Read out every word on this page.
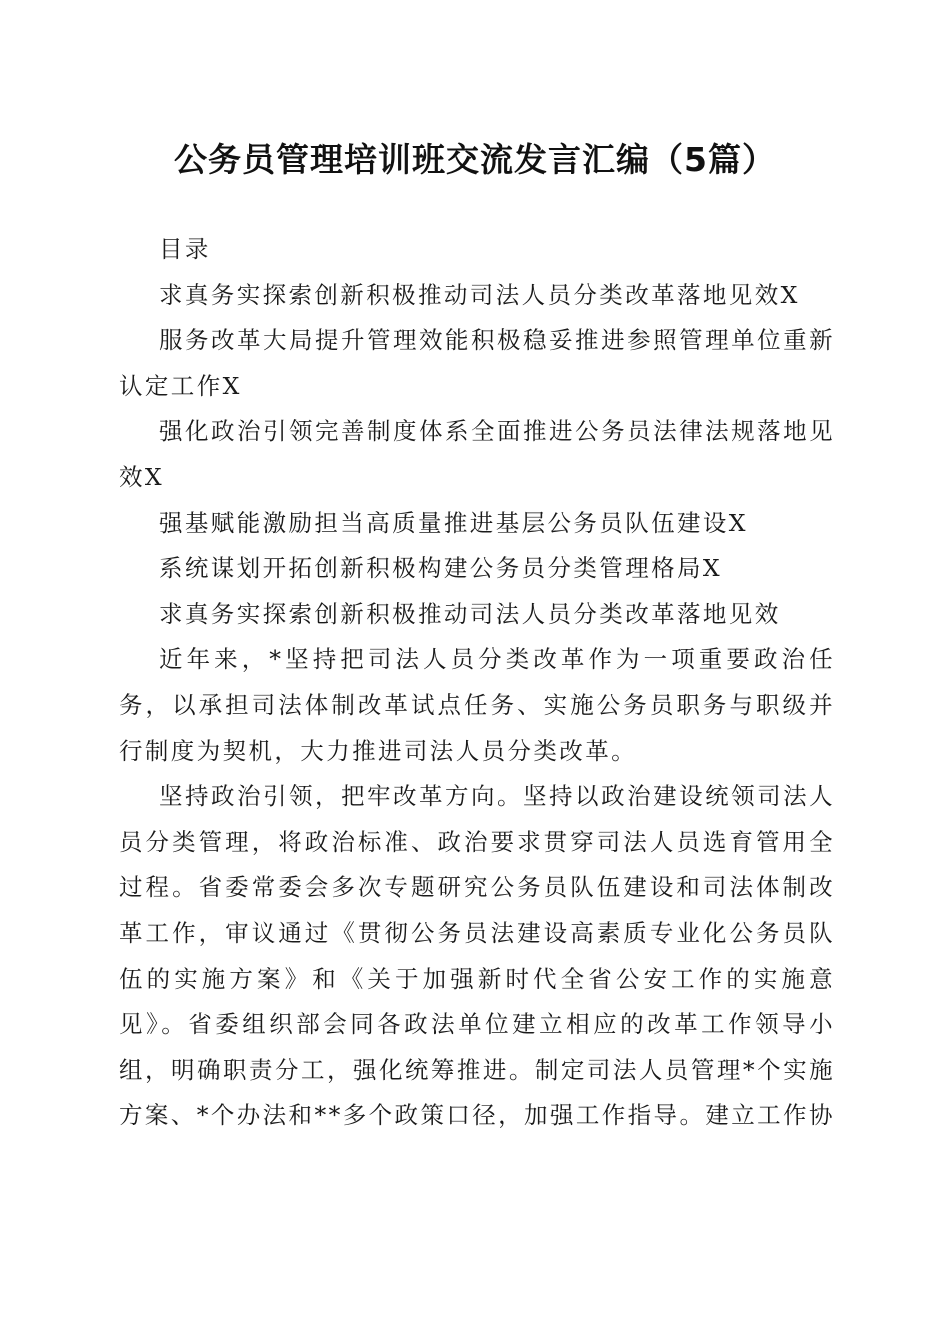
公务员管理培训班交流发言汇编（5篇）

目录

求真务实探索创新积极推动司法人员分类改革落地见效X

服务改革大局提升管理效能积极稳妥推进参照管理单位重新认定工作X

强化政治引领完善制度体系全面推进公务员法律法规落地见效X

强基赋能激励担当高质量推进基层公务员队伍建设X

系统谋划开拓创新积极构建公务员分类管理格局X

求真务实探索创新积极推动司法人员分类改革落地见效

近年来，*坚持把司法人员分类改革作为一项重要政治任务，以承担司法体制改革试点任务、实施公务员职务与职级并行制度为契机，大力推进司法人员分类改革。

坚持政治引领，把牢改革方向。坚持以政治建设统领司法人员分类管理，将政治标准、政治要求贯穿司法人员选育管用全过程。省委常委会多次专题研究公务员队伍建设和司法体制改革工作，审议通过《贯彻公务员法建设高素质专业化公务员队伍的实施方案》和《关于加强新时代全省公安工作的实施意见》。省委组织部会同各政法单位建立相应的改革工作领导小组，明确职责分工，强化统筹推进。制定司法人员管理*个实施方案、*个办法和**多个政策口径，加强工作指导。建立工作协
